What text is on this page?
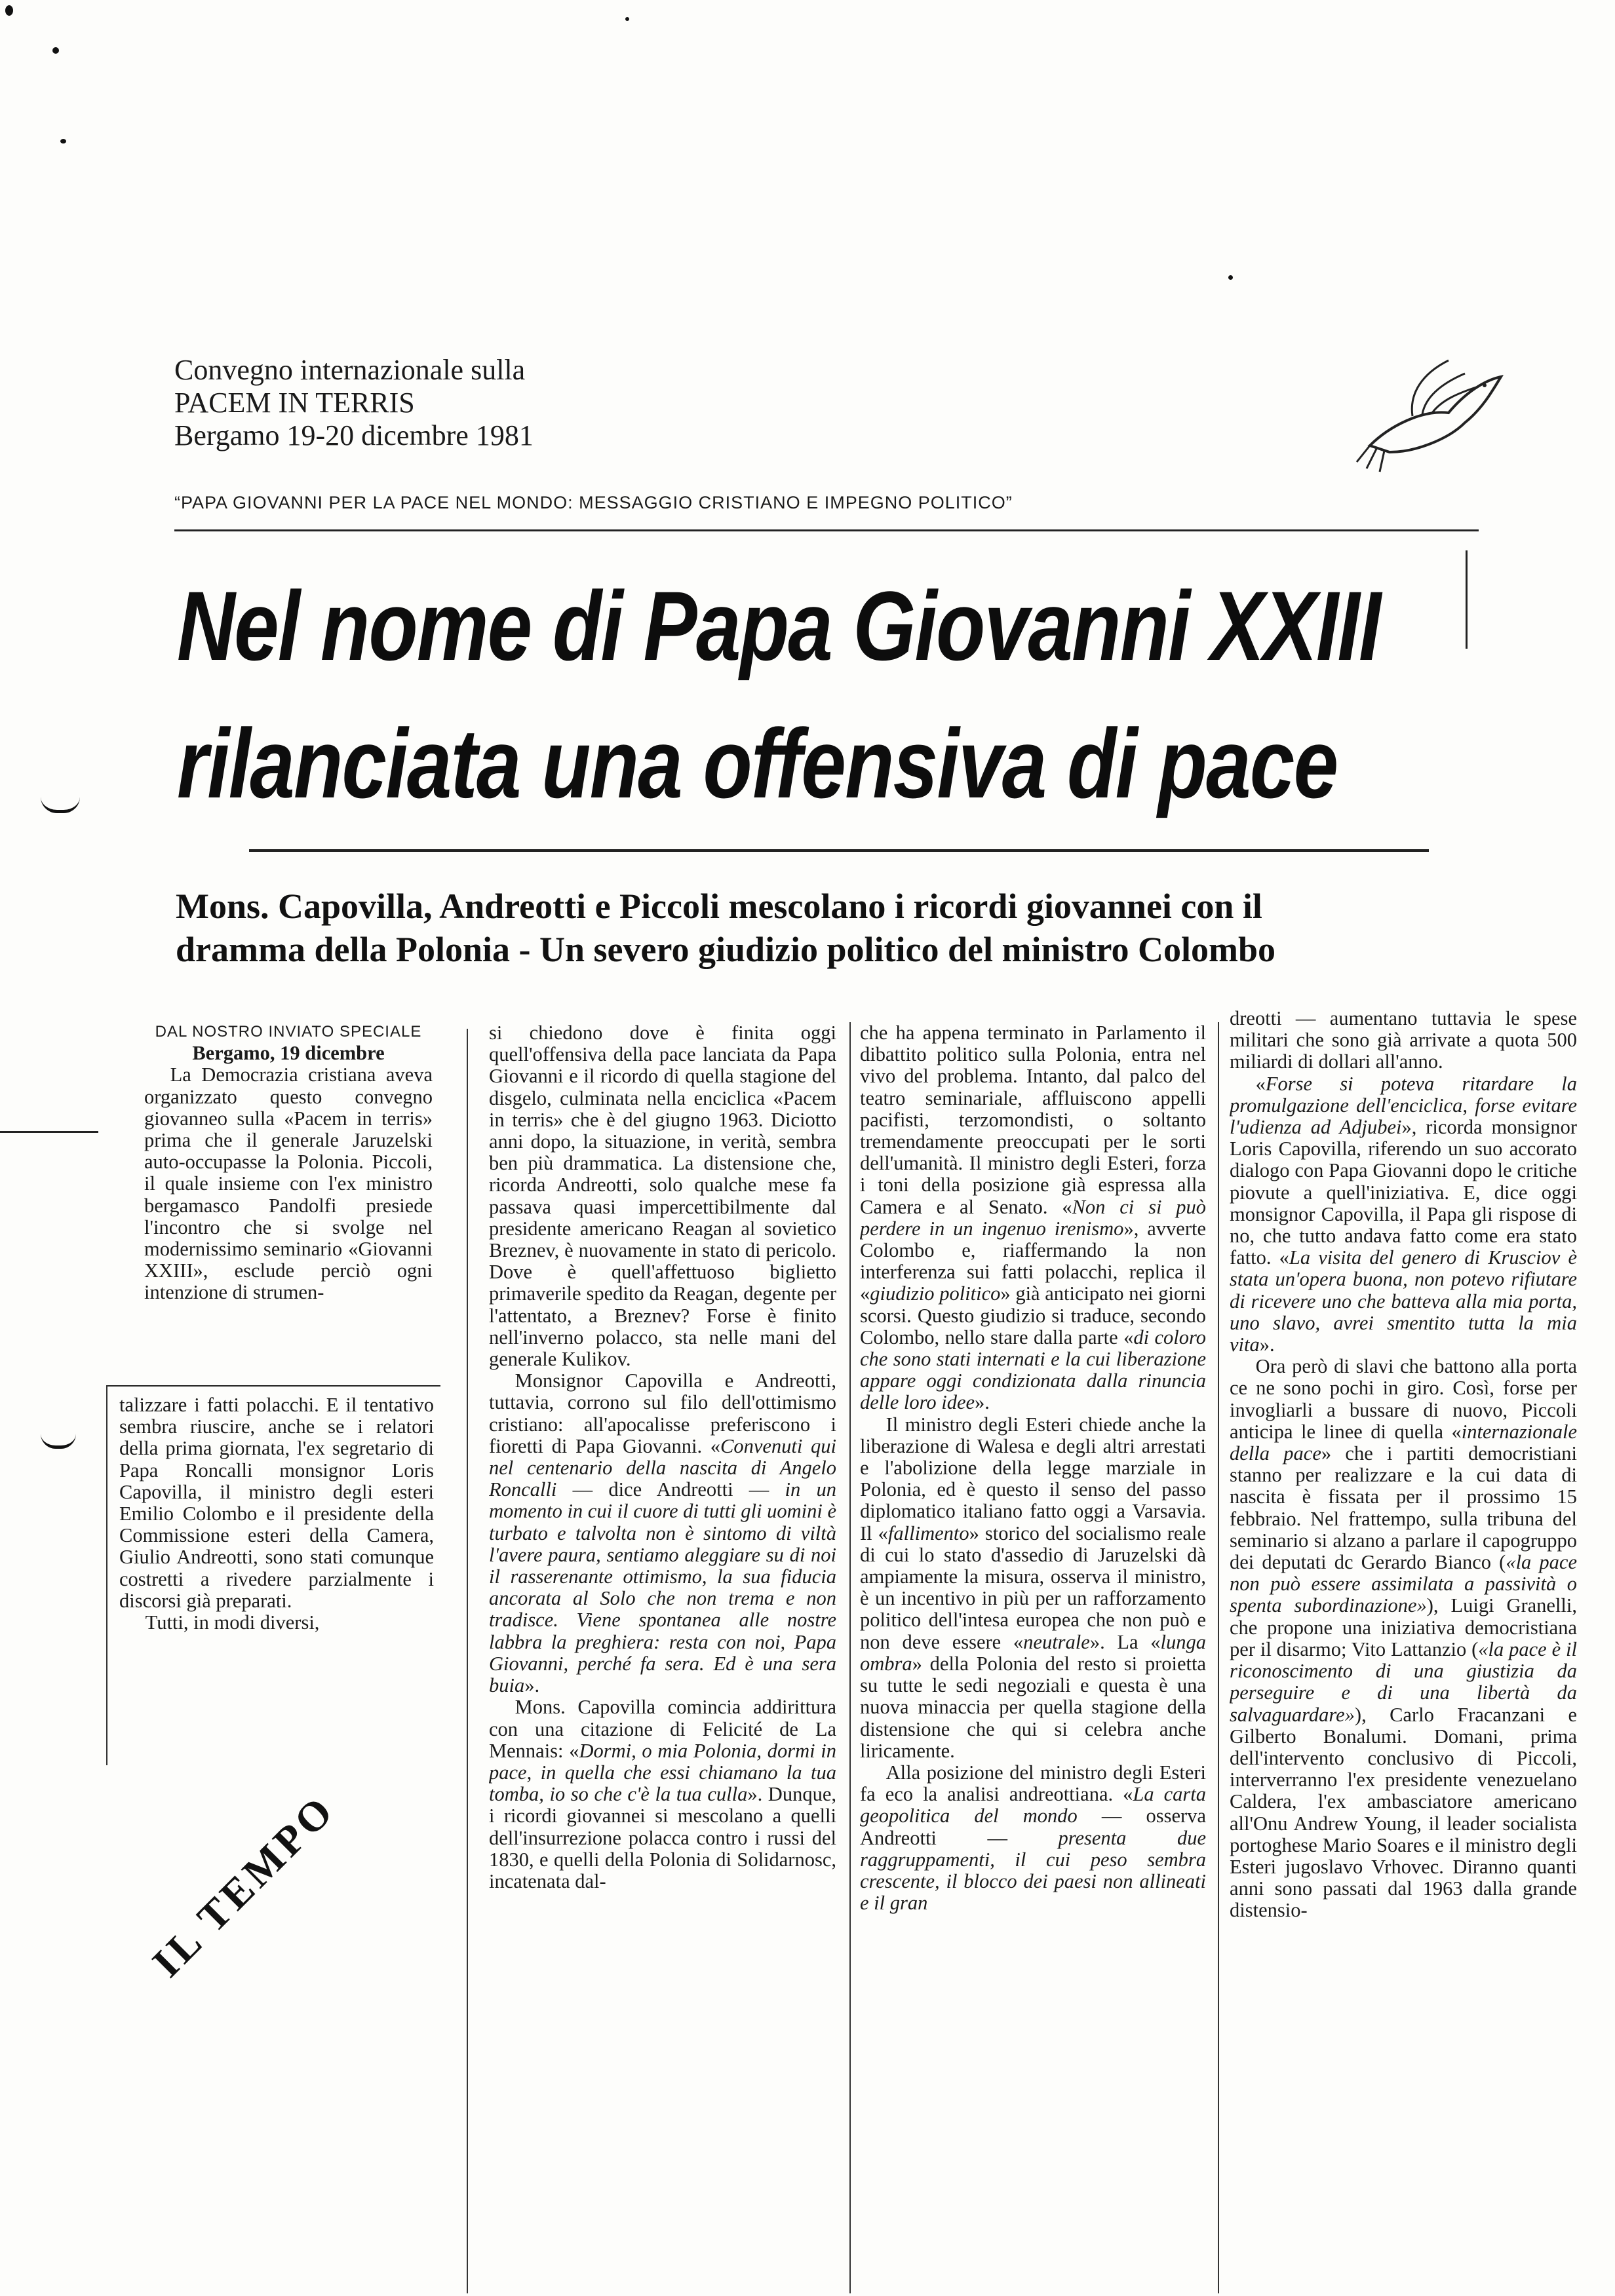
Convegno internazionale sulla
PACEM IN TERRIS
Bergamo 19-20 dicembre 1981
“PAPA GIOVANNI PER LA PACE NEL MONDO: MESSAGGIO CRISTIANO E IMPEGNO POLITICO”
Nel nome di Papa Giovanni XXIII
rilanciata una offensiva di pace
Mons. Capovilla, Andreotti e Piccoli mescolano i ricordi giovannei con il
dramma della Polonia - Un severo giudizio politico del ministro Colombo

DAL NOSTRO INVIATO SPECIALE

Bergamo, 19 dicembre

La Democrazia cristiana aveva organizzato questo convegno giovanneo sulla «Pacem in terris» prima che il generale Jaruzelski auto-occupasse la Polonia. Piccoli, il quale insieme con l'ex ministro bergamasco Pandolfi presiede l'incontro che si svolge nel modernissimo seminario «Giovanni XXIII», esclude perciò ogni intenzione di strumen-

talizzare i fatti polacchi. E il tentativo sembra riuscire, anche se i relatori della prima giornata, l'ex segretario di Papa Roncalli monsignor Loris Capovilla, il ministro degli esteri Emilio Colombo e il presidente della Commissione esteri della Camera, Giulio Andreotti, sono stati comunque costretti a rivedere parzialmente i discorsi già preparati.

Tutti, in modi diversi,

si chiedono dove è finita oggi quell'offensiva della pace lanciata da Papa Giovanni e il ricordo di quella stagione del disgelo, culminata nella enciclica «Pacem in terris» che è del giugno 1963. Diciotto anni dopo, la situazione, in verità, sembra ben più drammatica. La distensione che, ricorda Andreotti, solo qualche mese fa passava quasi impercettibilmente dal presidente americano Reagan al sovietico Breznev, è nuovamente in stato di pericolo. Dove è quell'affettuoso biglietto primaverile spedito da Reagan, degente per l'attentato, a Breznev? Forse è finito nell'inverno polacco, sta nelle mani del generale Kulikov.

Monsignor Capovilla e Andreotti, tuttavia, corrono sul filo dell'ottimismo cristiano: all'apocalisse preferiscono i fioretti di Papa Giovanni. «Convenuti qui nel centenario della nascita di Angelo Roncalli — dice Andreotti — in un momento in cui il cuore di tutti gli uomini è turbato e talvolta non è sintomo di viltà l'avere paura, sentiamo aleggiare su di noi il rasserenante ottimismo, la sua fiducia ancorata al Solo che non trema e non tradisce. Viene spontanea alle nostre labbra la preghiera: resta con noi, Papa Giovanni, perché fa sera. Ed è una sera buia».

Mons. Capovilla comincia addirittura con una citazione di Felicité de La Mennais: «Dormi, o mia Polonia, dormi in pace, in quella che essi chiamano la tua tomba, io so che c'è la tua culla». Dunque, i ricordi giovannei si mescolano a quelli dell'insurrezione polacca contro i russi del 1830, e quelli della Polonia di Solidarnosc, incatenata dal-

che ha appena terminato in Parlamento il dibattito politico sulla Polonia, entra nel vivo del problema. Intanto, dal palco del teatro seminariale, affluiscono appelli pacifisti, terzomondisti, o soltanto tremendamente preoccupati per le sorti dell'umanità. Il ministro degli Esteri, forza i toni della posizione già espressa alla Camera e al Senato. «Non ci si può perdere in un ingenuo irenismo», avverte Colombo e, riaffermando la non interferenza sui fatti polacchi, replica il «giudizio politico» già anticipato nei giorni scorsi. Questo giudizio si traduce, secondo Colombo, nello stare dalla parte «di coloro che sono stati internati e la cui liberazione appare oggi condizionata dalla rinuncia delle loro idee».

Il ministro degli Esteri chiede anche la liberazione di Walesa e degli altri arrestati e l'abolizione della legge marziale in Polonia, ed è questo il senso del passo diplomatico italiano fatto oggi a Varsavia. Il «fallimento» storico del socialismo reale di cui lo stato d'assedio di Jaruzelski dà ampiamente la misura, osserva il ministro, è un incentivo in più per un rafforzamento politico dell'intesa europea che non può e non deve essere «neutrale». La «lunga ombra» della Polonia del resto si proietta su tutte le sedi negoziali e questa è una nuova minaccia per quella stagione della distensione che qui si celebra anche liricamente.

Alla posizione del ministro degli Esteri fa eco la analisi andreottiana. «La carta geopolitica del mondo — osserva Andreotti — presenta due raggruppamenti, il cui peso sembra crescente, il blocco dei paesi non allineati e il gran

dreotti — aumentano tuttavia le spese militari che sono già arrivate a quota 500 miliardi di dollari all'anno.

«Forse si poteva ritardare la promulgazione dell'enciclica, forse evitare l'udienza ad Adjubei», ricorda monsignor Loris Capovilla, riferendo un suo accorato dialogo con Papa Giovanni dopo le critiche piovute a quell'iniziativa. E, dice oggi monsignor Capovilla, il Papa gli rispose di no, che tutto andava fatto come era stato fatto. «La visita del genero di Krusciov è stata un'opera buona, non potevo rifiutare di ricevere uno che batteva alla mia porta, uno slavo, avrei smentito tutta la mia vita».

Ora però di slavi che battono alla porta ce ne sono pochi in giro. Così, forse per invogliarli a bussare di nuovo, Piccoli anticipa le linee di quella «internazionale della pace» che i partiti democristiani stanno per realizzare e la cui data di nascita è fissata per il prossimo 15 febbraio. Nel frattempo, sulla tribuna del seminario si alzano a parlare il capogruppo dei deputati dc Gerardo Bianco («la pace non può essere assimilata a passività o spenta subordinazione»), Luigi Granelli, che propone una iniziativa democristiana per il disarmo; Vito Lattanzio («la pace è il riconoscimento di una giustizia da perseguire e di una libertà da salvaguardare»), Carlo Fracanzani e Gilberto Bonalumi. Domani, prima dell'intervento conclusivo di Piccoli, interverranno l'ex presidente venezuelano Caldera, l'ex ambasciatore americano all'Onu Andrew Young, il leader socialista portoghese Mario Soares e il ministro degli Esteri jugoslavo Vrhovec. Diranno quanti anni sono passati dal 1963 dalla grande distensio-

IL TEMPO
